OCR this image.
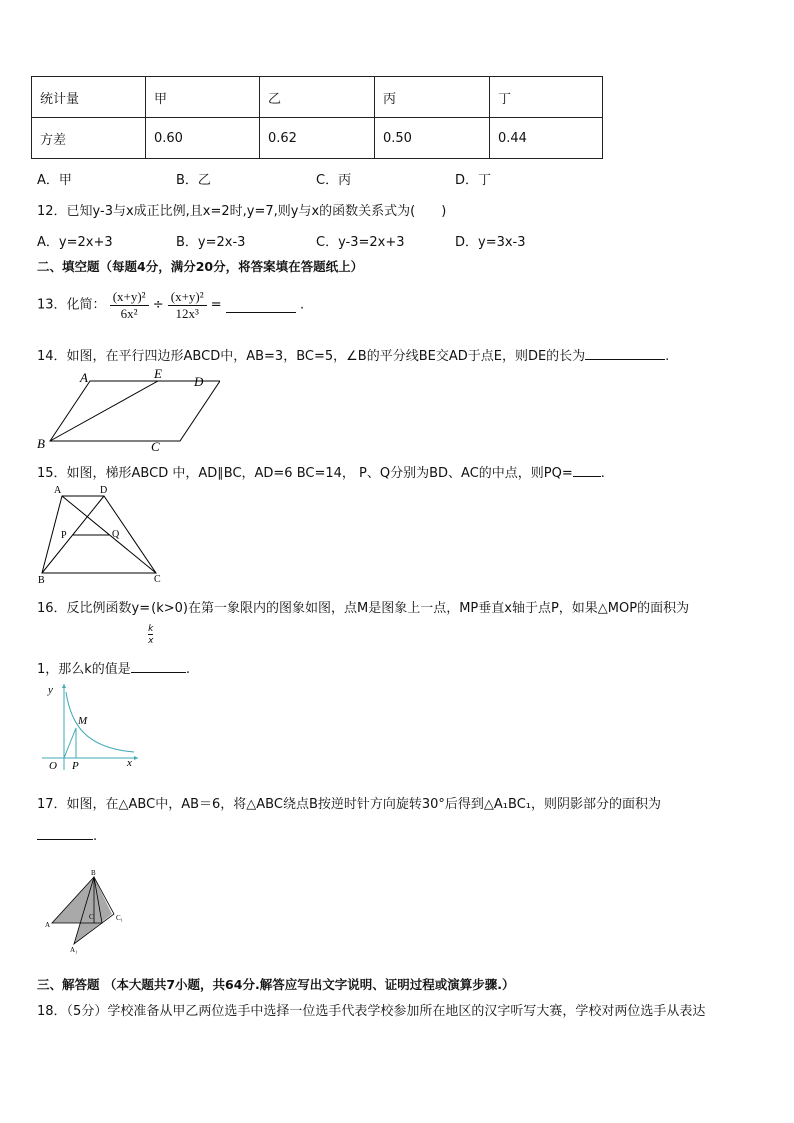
统计量	甲	乙	丙	丁
方差	0.60	0.62	0.50	0.44
A．甲	B．乙	C．丙	D．丁
12．已知y-3与x成正比例,且x=2时,y=7,则y与x的函数关系式为(　　)
A．y=2x+3	B．y=2x-3	C．y-3=2x+3	D．y=3x-3
二、填空题（每题4分，满分20分，将答案填在答题纸上）
13．化简： $\frac{\text{(x+y)²}}{\text{6x²}} \div \frac{\text{(x+y)²}}{\text{12x³}}$ =	.
14．如图，在平行四边形ABCD中，AB=3，BC=5，∠B的平分线BE交AD于点E，则DE的长为	.
A	E
D
B	C
15．如图，梯形ABCD 中，AD∥BC，AD=6 BC=14， P、Q分别为BD、AC的中点，则PQ= .
A	D
P	Q
B	C
16．反比例函数y=
$\frac{k}{x}$
(k>0)在第一象限内的图象如图，点M是图象上一点，MP垂直x轴于点P，如果△MOP的面积为
1，那么k的值是	.
y
M
O P	x
17．如图，在△ABC中，AB＝6，将△ABC绕点B按逆时针方向旋转30°后得到△A₁BC₁，则阴影部分的面积为
.
B
A
C	C₁
A₁
三、解答题 （本大题共7小题，共64分.解答应写出文字说明、证明过程或演算步骤.）
18．（5分）学校准备从甲乙两位选手中选择一位选手代表学校参加所在地区的汉字听写大赛，学校对两位选手从表达
